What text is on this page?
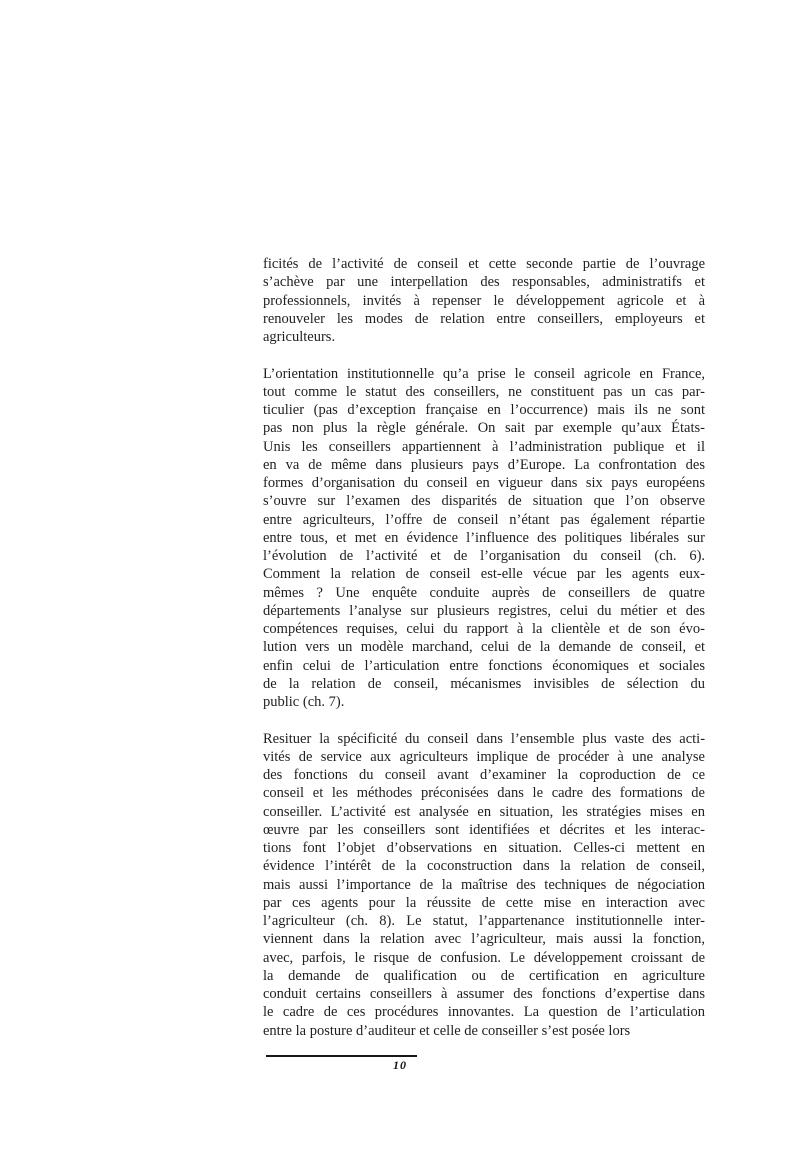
ficités de l’activité de conseil et cette seconde partie de l’ouvrage
s’achève par une interpellation des responsables, administratifs et
professionnels, invités à repenser le développement agricole et à
renouveler les modes de relation entre conseillers, employeurs et
agriculteurs.
L’orientation institutionnelle qu’a prise le conseil agricole en France,
tout comme le statut des conseillers, ne constituent pas un cas par-
ticulier (pas d’exception française en l’occurrence) mais ils ne sont
pas non plus la règle générale. On sait par exemple qu’aux États-
Unis les conseillers appartiennent à l’administration publique et il
en va de même dans plusieurs pays d’Europe. La confrontation des
formes d’organisation du conseil en vigueur dans six pays européens
s’ouvre sur l’examen des disparités de situation que l’on observe
entre agriculteurs, l’offre de conseil n’étant pas également répartie
entre tous, et met en évidence l’influence des politiques libérales sur
l’évolution de l’activité et de l’organisation du conseil (ch. 6).
Comment la relation de conseil est-elle vécue par les agents eux-
mêmes ? Une enquête conduite auprès de conseillers de quatre
départements l’analyse sur plusieurs registres, celui du métier et des
compétences requises, celui du rapport à la clientèle et de son évo-
lution vers un modèle marchand, celui de la demande de conseil, et
enfin celui de l’articulation entre fonctions économiques et sociales
de la relation de conseil, mécanismes invisibles de sélection du
public (ch. 7).
Resituer la spécificité du conseil dans l’ensemble plus vaste des acti-
vités de service aux agriculteurs implique de procéder à une analyse
des fonctions du conseil avant d’examiner la coproduction de ce
conseil et les méthodes préconisées dans le cadre des formations de
conseiller. L’activité est analysée en situation, les stratégies mises en
œuvre par les conseillers sont identifiées et décrites et les interac-
tions font l’objet d’observations en situation. Celles-ci mettent en
évidence l’intérêt de la coconstruction dans la relation de conseil,
mais aussi l’importance de la maîtrise des techniques de négociation
par ces agents pour la réussite de cette mise en interaction avec
l’agriculteur (ch. 8). Le statut, l’appartenance institutionnelle inter-
viennent dans la relation avec l’agriculteur, mais aussi la fonction,
avec, parfois, le risque de confusion. Le développement croissant de
la demande de qualification ou de certification en agriculture
conduit certains conseillers à assumer des fonctions d’expertise dans
le cadre de ces procédures innovantes. La question de l’articulation
entre la posture d’auditeur et celle de conseiller s’est posée lors
10
